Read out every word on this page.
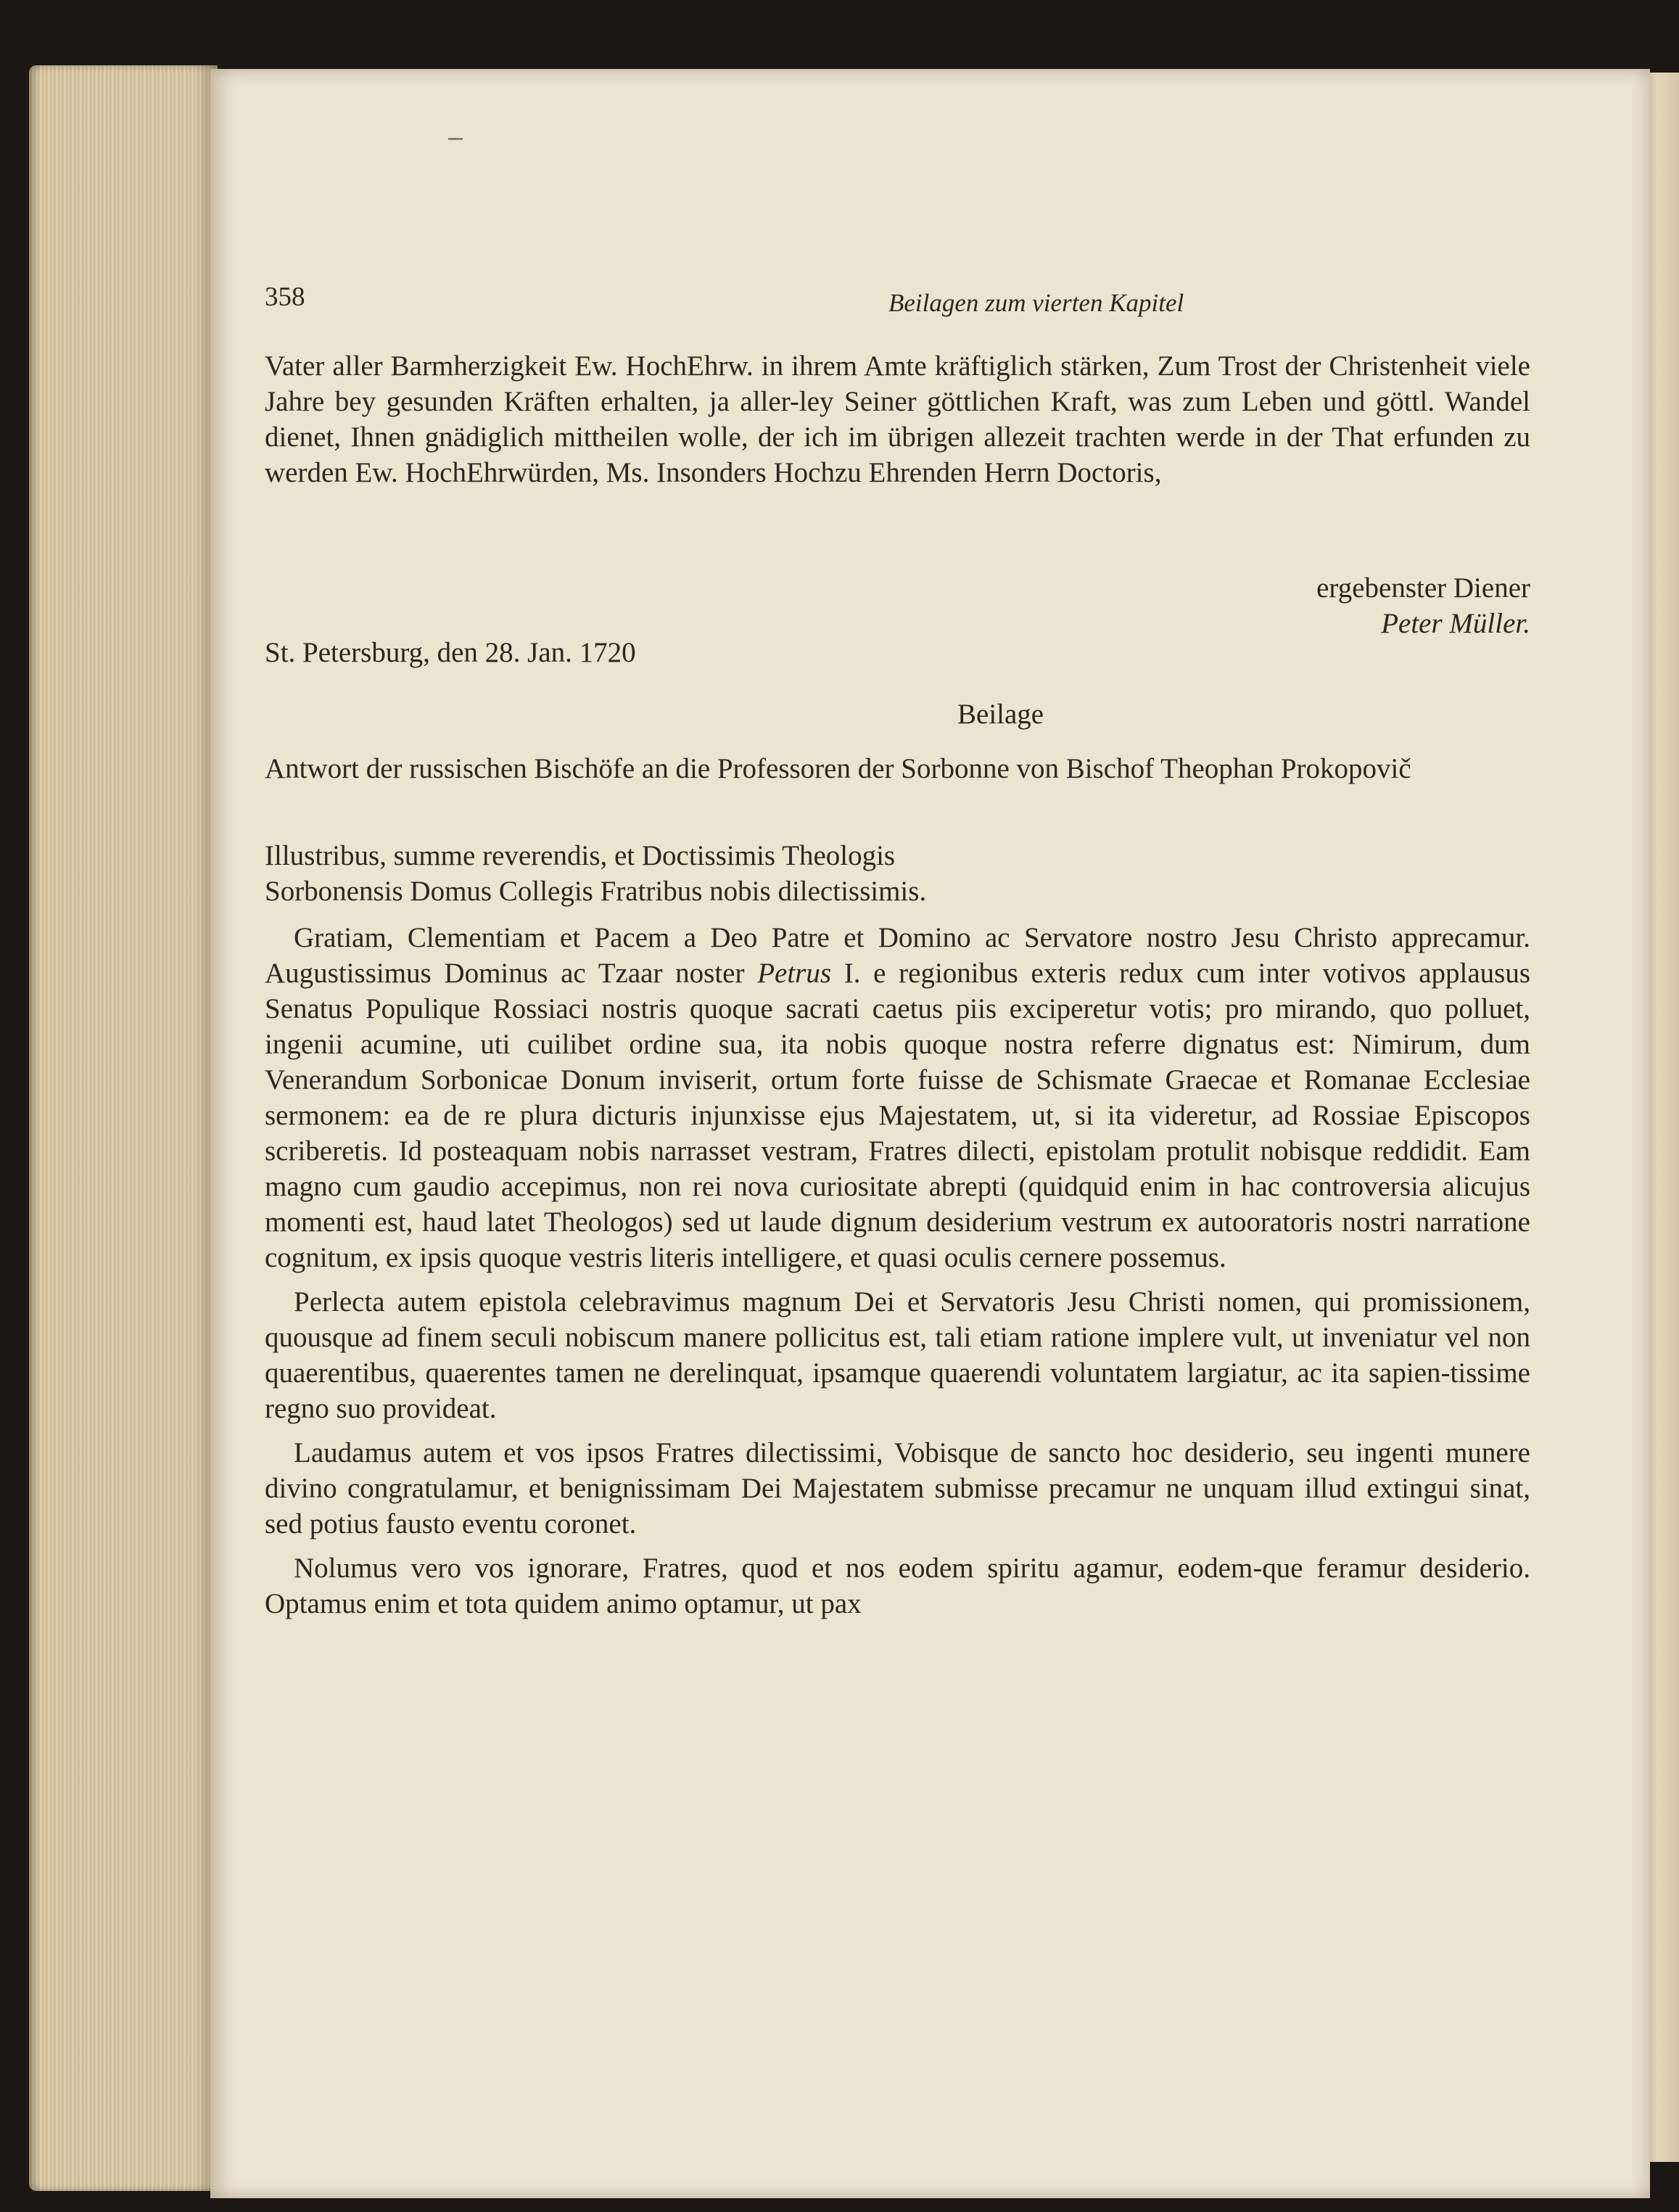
358	Beilagen zum vierten Kapitel

Vater aller Barmherzigkeit Ew. HochEhrw. in ihrem Amte kräftiglich stärken, Zum Trost der Christenheit viele Jahre bey gesunden Kräften erhalten, ja aller-ley Seiner göttlichen Kraft, was zum Leben und göttl. Wandel dienet, Ihnen gnädiglich mittheilen wolle, der ich im übrigen allezeit trachten werde in der That erfunden zu werden Ew. HochEhrwürden, Ms. Insonders Hochzu Ehrenden Herrn Doctoris,

ergebenster Diener
Peter Müller.
St. Petersburg, den 28. Jan. 1720
Beilage

Antwort der russischen Bischöfe an die Professoren der Sorbonne von Bischof Theophan Prokopovič

Illustribus, summe reverendis, et Doctissimis Theologis
Sorbonensis Domus Collegis Fratribus nobis dilectissimis.

Gratiam, Clementiam et Pacem a Deo Patre et Domino ac Servatore nostro Jesu Christo apprecamur. Augustissimus Dominus ac Tzaar noster Petrus I. e regionibus exteris redux cum inter votivos applausus Senatus Populique Rossiaci nostris quoque sacrati caetus piis exciperetur votis; pro mirando, quo polluet, ingenii acumine, uti cuilibet ordine sua, ita nobis quoque nostra referre dignatus est: Nimirum, dum Venerandum Sorbonicae Donum inviserit, ortum forte fuisse de Schismate Graecae et Romanae Ecclesiae sermonem: ea de re plura dicturis injunxisse ejus Majestatem, ut, si ita videretur, ad Rossiae Episcopos scriberetis. Id posteaquam nobis narrasset vestram, Fratres dilecti, epistolam protulit nobisque reddidit. Eam magno cum gaudio accepimus, non rei nova curiositate abrepti (quidquid enim in hac controversia alicujus momenti est, haud latet Theologos) sed ut laude dignum desiderium vestrum ex autooratoris nostri narratione cognitum, ex ipsis quoque vestris literis intelligere, et quasi oculis cernere possemus.

Perlecta autem epistola celebravimus magnum Dei et Servatoris Jesu Christi nomen, qui promissionem, quousque ad finem seculi nobiscum manere pollicitus est, tali etiam ratione implere vult, ut inveniatur vel non quaerentibus, quaerentes tamen ne derelinquat, ipsamque quaerendi voluntatem largiatur, ac ita sapien-tissime regno suo provideat.

Laudamus autem et vos ipsos Fratres dilectissimi, Vobisque de sancto hoc desiderio, seu ingenti munere divino congratulamur, et benignissimam Dei Majestatem submisse precamur ne unquam illud extingui sinat, sed potius fausto eventu coronet.

Nolumus vero vos ignorare, Fratres, quod et nos eodem spiritu agamur, eodem-que feramur desiderio. Optamus enim et tota quidem animo optamur, ut pax
